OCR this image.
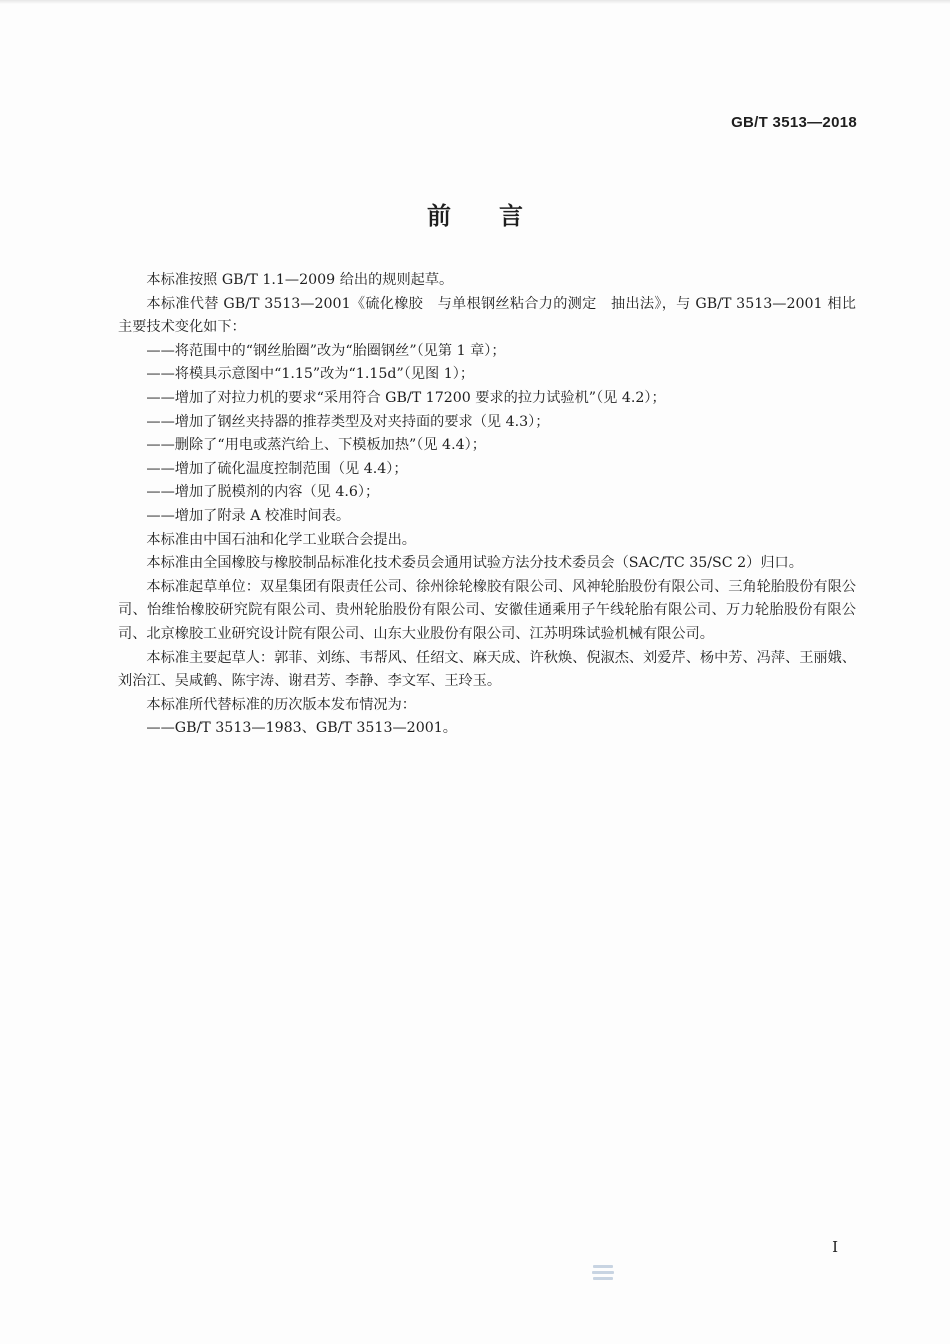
GB/T 3513—2018
前言

本标准按照 GB/T 1.1—2009 给出的规则起草。

本标准代替 GB/T 3513—2001《硫化橡胶　与单根钢丝粘合力的测定　抽出法》，与 GB/T 3513—2001 相比主要技术变化如下：

——将范围中的“钢丝胎圈”改为“胎圈钢丝”（见第 1 章）；

——将模具示意图中“1.15”改为“1.15d”（见图 1）；

——增加了对拉力机的要求“采用符合 GB/T 17200 要求的拉力试验机”（见 4.2）；

——增加了钢丝夹持器的推荐类型及对夹持面的要求（见 4.3）；

——删除了“用电或蒸汽给上、下模板加热”（见 4.4）；

——增加了硫化温度控制范围（见 4.4）；

——增加了脱模剂的内容（见 4.6）；

——增加了附录 A 校准时间表。

本标准由中国石油和化学工业联合会提出。

本标准由全国橡胶与橡胶制品标准化技术委员会通用试验方法分技术委员会（SAC/TC 35/SC 2）归口。

本标准起草单位：双星集团有限责任公司、徐州徐轮橡胶有限公司、风神轮胎股份有限公司、三角轮胎股份有限公司、怡维怡橡胶研究院有限公司、贵州轮胎股份有限公司、安徽佳通乘用子午线轮胎有限公司、万力轮胎股份有限公司、北京橡胶工业研究设计院有限公司、山东大业股份有限公司、江苏明珠试验机械有限公司。

本标准主要起草人：郭菲、刘练、韦帮风、任绍文、麻天成、许秋焕、倪淑杰、刘爱芹、杨中芳、冯萍、王丽娥、刘治江、吴咸鹤、陈宇涛、谢君芳、李静、李文军、王玲玉。

本标准所代替标准的历次版本发布情况为：

——GB/T 3513—1983、GB/T 3513—2001。

I
